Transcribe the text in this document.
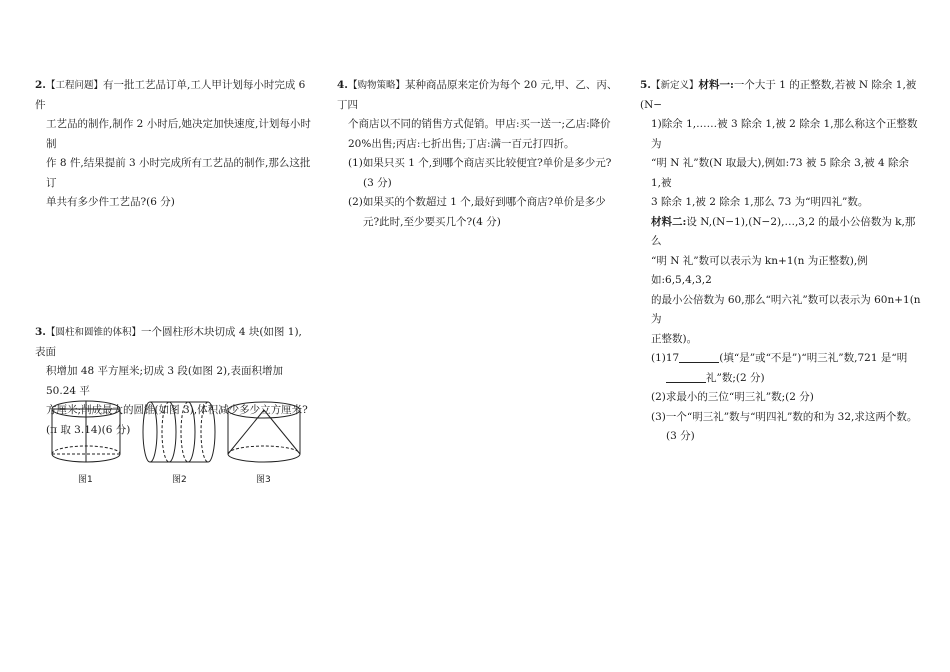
2.【工程问题】有一批工艺品订单,工人甲计划每小时完成 6 件

工艺品的制作,制作 2 小时后,她决定加快速度,计划每小时制

作 8 件,结果提前 3 小时完成所有工艺品的制作,那么这批订

单共有多少件工艺品?(6 分)

3.【圆柱和圆锥的体积】一个圆柱形木块切成 4 块(如图 1),表面

积增加 48 平方厘米;切成 3 段(如图 2),表面积增加 50.24 平

方厘米;削成最大的圆锥(如图 3),体积减少多少立方厘米?

(π 取 3.14)(6 分)

图1	图2	图3

4.【购物策略】某种商品原来定价为每个 20 元,甲、乙、丙、丁四

个商店以不同的销售方式促销。甲店:买一送一;乙店:降价

20%出售;丙店:七折出售;丁店:满一百元打四折。

(1)如果只买 1 个,到哪个商店买比较便宜?单价是多少元?

(3 分)

(2)如果买的个数超过 1 个,最好到哪个商店?单价是多少

元?此时,至少要买几个?(4 分)

5.【新定义】材料一:一个大于 1 的正整数,若被 N 除余 1,被(N−

1)除余 1,……被 3 除余 1,被 2 除余 1,那么称这个正整数为

“明 N 礼”数(N 取最大),例如:73 被 5 除余 3,被 4 除余 1,被

3 除余 1,被 2 除余 1,那么 73 为“明四礼”数。

材料二:设 N,(N−1),(N−2),…,3,2 的最小公倍数为 k,那么

“明 N 礼”数可以表示为 kn+1(n 为正整数),例如:6,5,4,3,2

的最小公倍数为 60,那么“明六礼”数可以表示为 60n+1(n 为

正整数)。

(1)17	(填“是”或“不是”)“明三礼”数,721 是“明

礼”数;(2 分)

(2)求最小的三位“明三礼”数;(2 分)

(3)一个“明三礼”数与“明四礼”数的和为 32,求这两个数。

(3 分)
